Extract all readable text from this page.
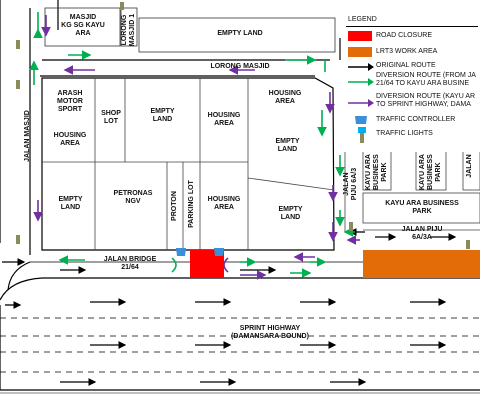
MASJID
KG SG KAYU
ARA	LORONG
MASJID 1
EMPTY LAND
LORONG MASJID
JALAN MASJID
ARASH
MOTOR
SPORT
HOUSING
AREA
SHOP
LOT
EMPTY
LAND
HOUSING
AREA
HOUSING
AREA
EMPTY
LAND
EMPTY
LAND
PETRONAS
NGV	PROTON PARKING LOT	HOUSING
AREA	EMPTY
LAND
JALAN
PIJU 6A/3 KAYU ARA
BUSINESS
PARK	KAYU ARA
BUSINESS
PARK	JALAN
KAYU ARA BUSINESS
PARK
JALAN PIJU
6A/3A
JALAN BRIDGE
21/64
SPRINT HIGHWAY
(DAMANSARA BOUND)
LEGEND
ROAD CLOSURE
LRT3 WORK AREA
ORIGINAL ROUTE
DIVERSION ROUTE (FROM JA
21/64 TO KAYU ARA BUSINE
DIVERSION ROUTE (KAYU AR
TO SPRINT HIGHWAY, DAMA
TRAFFIC CONTROLLER
TRAFFIC LIGHTS
